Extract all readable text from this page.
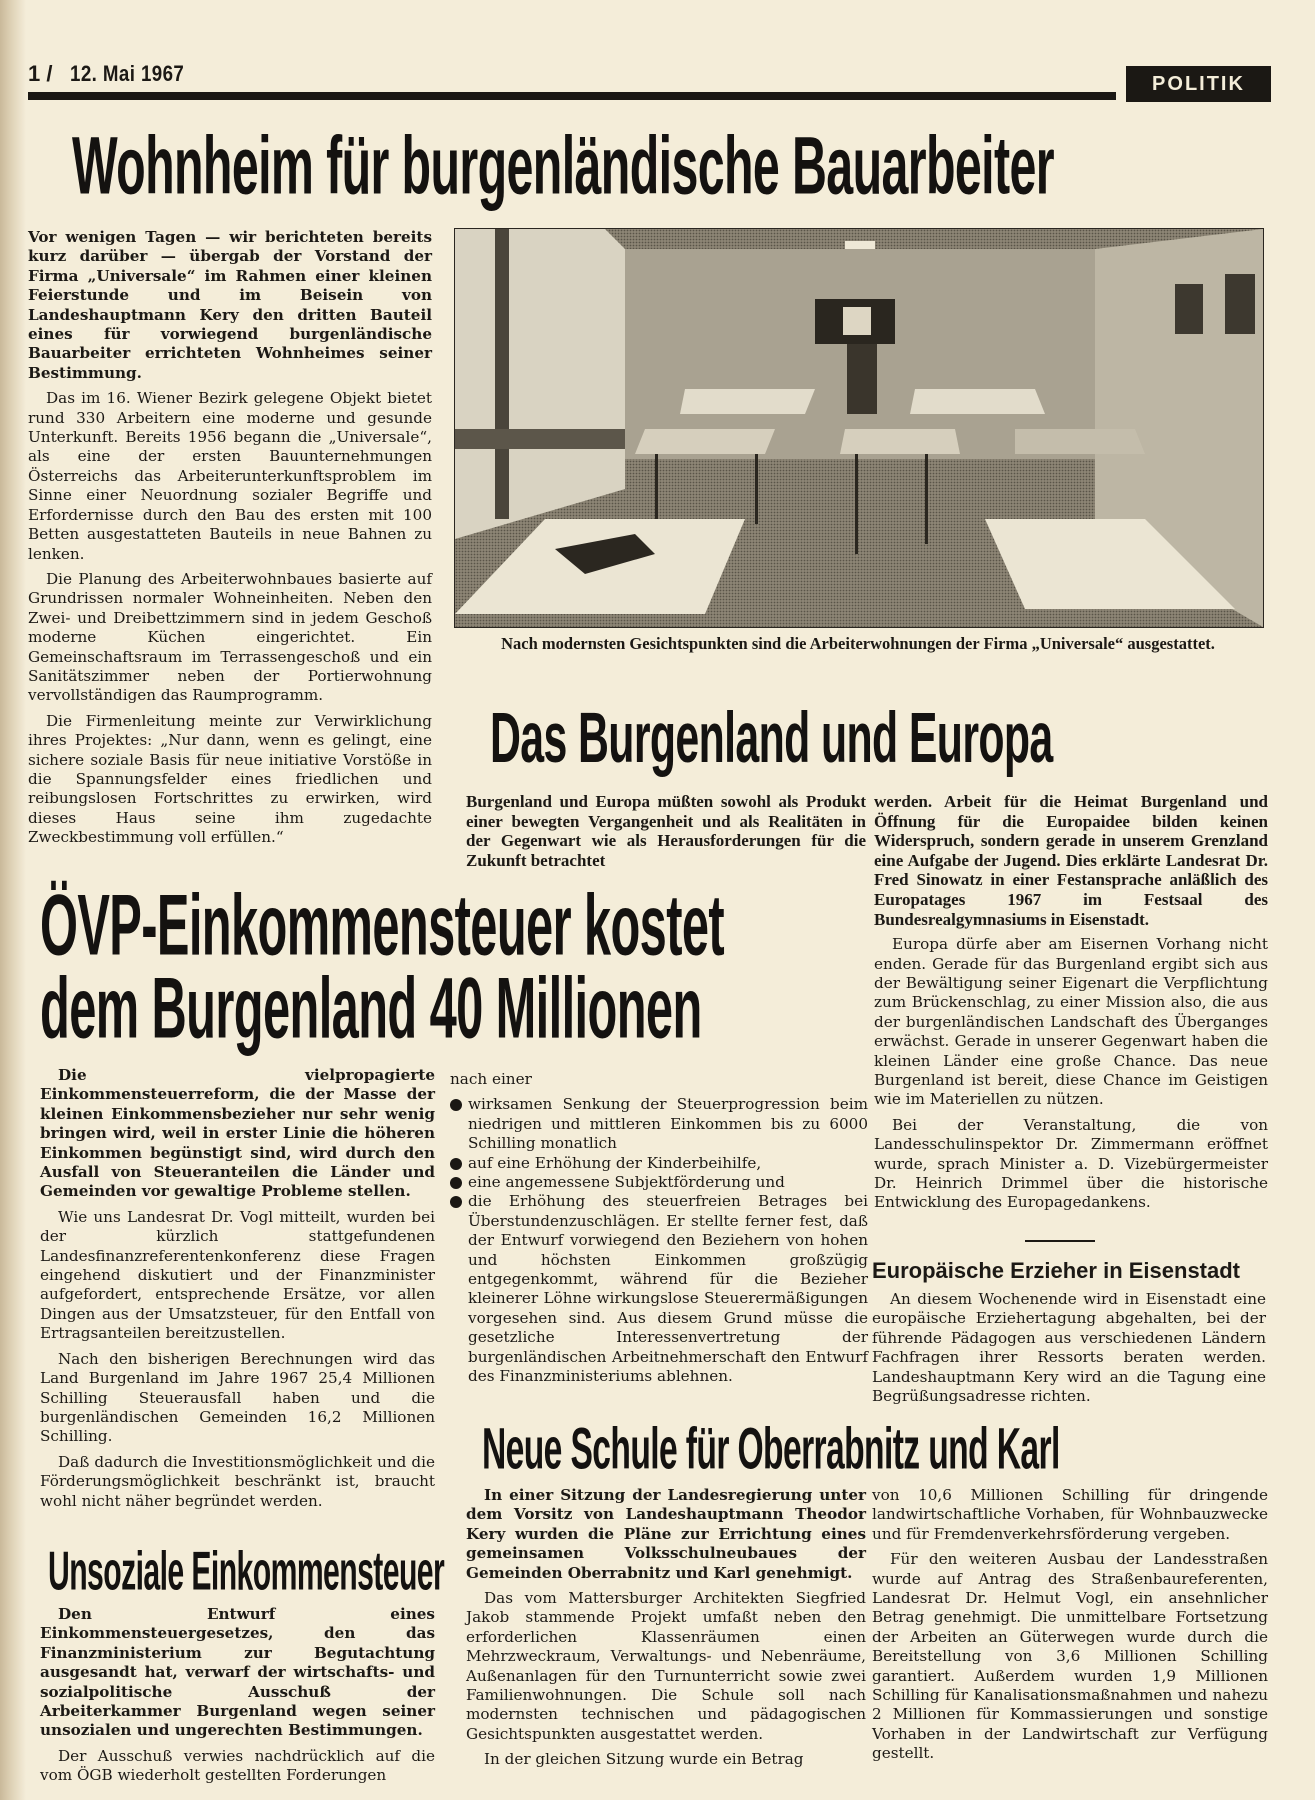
1 / 12. Mai 1967	POLITIK
Wohnheim für burgenländische Bauarbeiter

Vor wenigen Tagen — wir berichteten bereits kurz darüber — übergab der Vorstand der Firma „Universale“ im Rahmen einer kleinen Feierstunde und im Beisein von Landeshauptmann Kery den dritten Bauteil eines für vorwiegend burgenländische Bauarbeiter errichteten Wohnheimes seiner Bestimmung.

Das im 16. Wiener Bezirk gelegene Objekt bietet rund 330 Arbeitern eine moderne und gesunde Unterkunft. Bereits 1956 begann die „Universale“, als eine der ersten Bauunternehmungen Österreichs das Arbeiterunterkunftsproblem im Sinne einer Neuordnung sozialer Begriffe und Erfordernisse durch den Bau des ersten mit 100 Betten ausgestatteten Bauteils in neue Bahnen zu lenken.

Die Planung des Arbeiterwohnbaues basierte auf Grundrissen normaler Wohneinheiten. Neben den Zwei- und Dreibettzimmern sind in jedem Geschoß moderne Küchen eingerichtet. Ein Gemeinschaftsraum im Terrassengeschoß und ein Sanitätszimmer neben der Portierwohnung vervollständigen das Raumprogramm.

Die Firmenleitung meinte zur Verwirklichung ihres Projektes: „Nur dann, wenn es gelingt, eine sichere soziale Basis für neue initiative Vorstöße in die Spannungsfelder eines friedlichen und reibungslosen Fortschrittes zu erwirken, wird dieses Haus seine ihm zugedachte Zweckbestimmung voll erfüllen.“

Nach modernsten Gesichtspunkten sind die Arbeiterwohnungen der Firma „Universale“ ausgestattet.
Das Burgenland und Europa
Burgenland und Europa müßten sowohl als Produkt einer bewegten Vergangenheit und als Realitäten in der Gegenwart wie als Herausforderungen für die Zukunft betrachtet

werden. Arbeit für die Heimat Burgenland und Öffnung für die Europaidee bilden keinen Widerspruch, sondern gerade in unserem Grenzland eine Aufgabe der Jugend. Dies erklärte Landesrat Dr. Fred Sinowatz in einer Festansprache anläßlich des Europatages 1967 im Festsaal des Bundesrealgymnasiums in Eisenstadt.

Europa dürfe aber am Eisernen Vorhang nicht enden. Gerade für das Burgenland ergibt sich aus der Bewältigung seiner Eigenart die Verpflichtung zum Brückenschlag, zu einer Mission also, die aus der burgenländischen Landschaft des Überganges erwächst. Gerade in unserer Gegenwart haben die kleinen Länder eine große Chance. Das neue Burgenland ist bereit, diese Chance im Geistigen wie im Materiellen zu nützen.

Bei der Veranstaltung, die von Landesschulinspektor Dr. Zimmermann eröffnet wurde, sprach Minister a. D. Vizebürgermeister Dr. Heinrich Drimmel über die historische Entwicklung des Europagedankens.

ÖVP-Einkommensteuer kostet
dem Burgenland 40 Millionen

Die vielpropagierte Einkommensteuerreform, die der Masse der kleinen Einkommensbezieher nur sehr wenig bringen wird, weil in erster Linie die höheren Einkommen begünstigt sind, wird durch den Ausfall von Steueranteilen die Länder und Gemeinden vor gewaltige Probleme stellen.

Wie uns Landesrat Dr. Vogl mitteilt, wurden bei der kürzlich stattgefundenen Landesfinanzreferentenkonferenz diese Fragen eingehend diskutiert und der Finanzminister aufgefordert, entsprechende Ersätze, vor allen Dingen aus der Umsatzsteuer, für den Entfall von Ertragsanteilen bereitzustellen.

Nach den bisherigen Berechnungen wird das Land Burgenland im Jahre 1967 25,4 Millionen Schilling Steuerausfall haben und die burgenländischen Gemeinden 16,2 Millionen Schilling.

Daß dadurch die Investitionsmöglichkeit und die Förderungsmöglichkeit beschränkt ist, braucht wohl nicht näher begründet werden.

nach einer

wirksamen Senkung der Steuerprogression beim niedrigen und mittleren Einkommen bis zu 6000 Schilling monatlich
auf eine Erhöhung der Kinderbeihilfe,
eine angemessene Subjektförderung und
die Erhöhung des steuerfreien Betrages bei Überstundenzuschlägen. Er stellte ferner fest, daß der Entwurf vorwiegend den Beziehern von hohen und höchsten Einkommen großzügig entgegenkommt, während für die Bezieher kleinerer Löhne wirkungslose Steuerermäßigungen vorgesehen sind. Aus diesem Grund müsse die gesetzliche Interessenvertretung der burgenländischen Arbeitnehmerschaft den Entwurf des Finanzministeriums ablehnen.
Unsoziale Einkommensteuer

Den Entwurf eines Einkommensteuergesetzes, den das Finanzministerium zur Begutachtung ausgesandt hat, verwarf der wirtschafts- und sozialpolitische Ausschuß der Arbeiterkammer Burgenland wegen seiner unsozialen und ungerechten Bestimmungen.

Der Ausschuß verwies nachdrücklich auf die vom ÖGB wiederholt gestellten Forderungen

Europäische Erzieher in Eisenstadt

An diesem Wochenende wird in Eisenstadt eine europäische Erziehertagung abgehalten, bei der führende Pädagogen aus verschiedenen Ländern Fachfragen ihrer Ressorts beraten werden. Landeshauptmann Kery wird an die Tagung eine Begrüßungsadresse richten.

Neue Schule für Oberrabnitz und Karl

In einer Sitzung der Landesregierung unter dem Vorsitz von Landeshauptmann Theodor Kery wurden die Pläne zur Errichtung eines gemeinsamen Volksschulneubaues der Gemeinden Oberrabnitz und Karl genehmigt.

Das vom Mattersburger Architekten Siegfried Jakob stammende Projekt umfaßt neben den erforderlichen Klassenräumen einen Mehrzweckraum, Verwaltungs- und Nebenräume, Außenanlagen für den Turnunterricht sowie zwei Familienwohnungen. Die Schule soll nach modernsten technischen und pädagogischen Gesichtspunkten ausgestattet werden.

In der gleichen Sitzung wurde ein Betrag

von 10,6 Millionen Schilling für dringende landwirtschaftliche Vorhaben, für Wohnbauzwecke und für Fremdenverkehrsförderung vergeben.

Für den weiteren Ausbau der Landesstraßen wurde auf Antrag des Straßenbaureferenten, Landesrat Dr. Helmut Vogl, ein ansehnlicher Betrag genehmigt. Die unmittelbare Fortsetzung der Arbeiten an Güterwegen wurde durch die Bereitstellung von 3,6 Millionen Schilling garantiert. Außerdem wurden 1,9 Millionen Schilling für Kanalisationsmaßnahmen und nahezu 2 Millionen für Kommassierungen und sonstige Vorhaben in der Landwirtschaft zur Verfügung gestellt.
